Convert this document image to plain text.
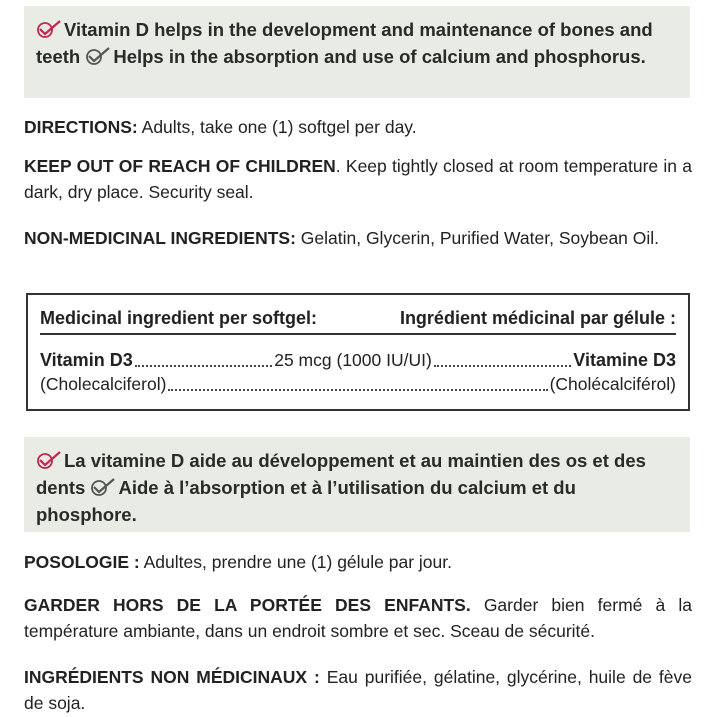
Vitamin D helps in the development and maintenance of bones and teeth Helps in the absorption and use of calcium and phosphorus.
DIRECTIONS: Adults, take one (1) softgel per day.
KEEP OUT OF REACH OF CHILDREN. Keep tightly closed at room temperature in a dark, dry place. Security seal.
NON-MEDICINAL INGREDIENTS: Gelatin, Glycerin, Purified Water, Soybean Oil.
Medicinal ingredient per softgel:	Ingrédient médicinal par gélule :
Vitamin D3	25 mcg (1000 IU/UI)	Vitamine D3
(Cholecalciferol)	(Cholécalciférol)
La vitamine D aide au développement et au maintien des os et des dents Aide à l’absorption et à l’utilisation du calcium et du phosphore.
POSOLOGIE : Adultes, prendre une (1) gélule par jour.
GARDER HORS DE LA PORTÉE DES ENFANTS. Garder bien fermé à la température ambiante, dans un endroit sombre et sec. Sceau de sécurité.
INGRÉDIENTS NON MÉDICINAUX : Eau purifiée, gélatine, glycérine, huile de fève de soja.
